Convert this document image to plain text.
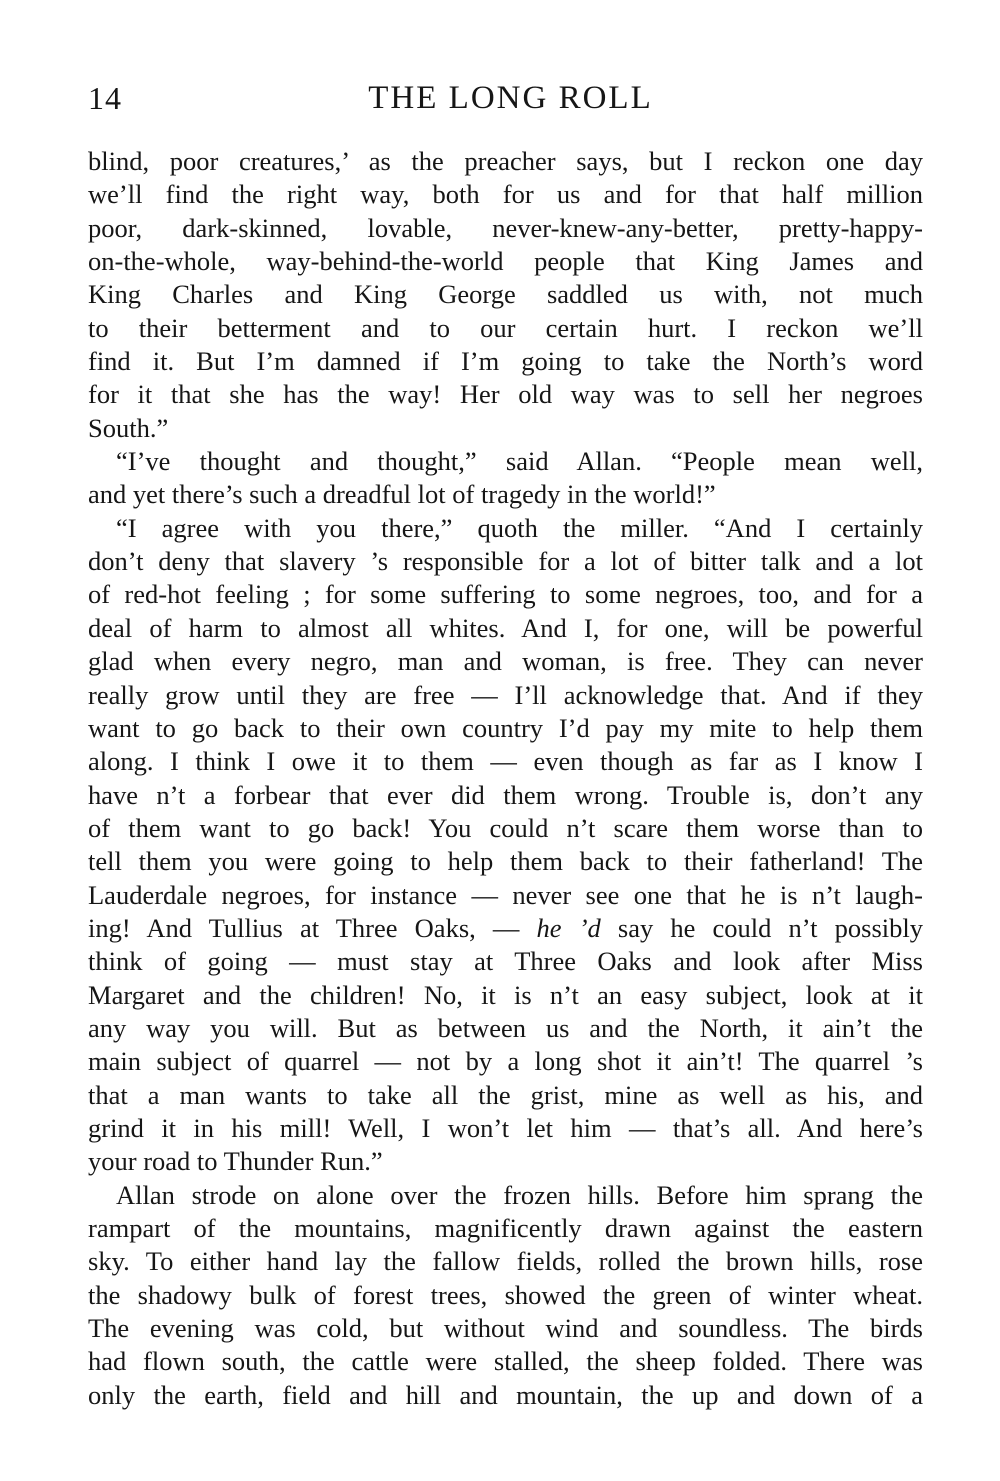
14	THE LONG ROLL
blind, poor creatures,’ as the preacher says, but I reckon one day
we’ll find the right way, both for us and for that half million
poor, dark-skinned, lovable, never-knew-any-better, pretty-happy-
on-the-whole, way-behind-the-world people that King James and
King Charles and King George saddled us with, not much
to their betterment and to our certain hurt. I reckon we’ll
find it. But I’m damned if I’m going to take the North’s word
for it that she has the way! Her old way was to sell her negroes
South.”
“I’ve thought and thought,” said Allan. “People mean well,
and yet there’s such a dreadful lot of tragedy in the world!”
“I agree with you there,” quoth the miller. “And I certainly
don’t deny that slavery ’s responsible for a lot of bitter talk and a lot
of red-hot feeling ; for some suffering to some negroes, too, and for a
deal of harm to almost all whites. And I, for one, will be powerful
glad when every negro, man and woman, is free. They can never
really grow until they are free — I’ll acknowledge that. And if they
want to go back to their own country I’d pay my mite to help them
along. I think I owe it to them — even though as far as I know I
have n’t a forbear that ever did them wrong. Trouble is, don’t any
of them want to go back! You could n’t scare them worse than to
tell them you were going to help them back to their fatherland! The
Lauderdale negroes, for instance — never see one that he is n’t laugh-
ing! And Tullius at Three Oaks, — he ’d say he could n’t possibly
think of going — must stay at Three Oaks and look after Miss
Margaret and the children! No, it is n’t an easy subject, look at it
any way you will. But as between us and the North, it ain’t the
main subject of quarrel — not by a long shot it ain’t! The quarrel ’s
that a man wants to take all the grist, mine as well as his, and
grind it in his mill! Well, I won’t let him — that’s all. And here’s
your road to Thunder Run.”
Allan strode on alone over the frozen hills. Before him sprang the
rampart of the mountains, magnificently drawn against the eastern
sky. To either hand lay the fallow fields, rolled the brown hills, rose
the shadowy bulk of forest trees, showed the green of winter wheat.
The evening was cold, but without wind and soundless. The birds
had flown south, the cattle were stalled, the sheep folded. There was
only the earth, field and hill and mountain, the up and down of a
